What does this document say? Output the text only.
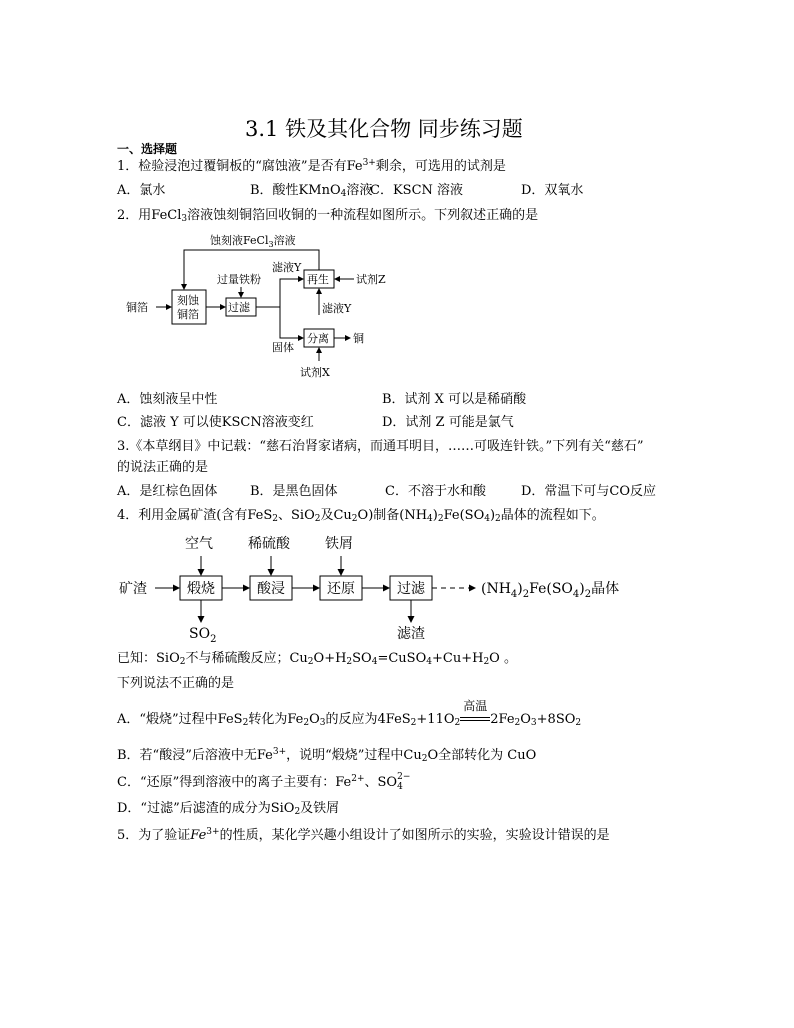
3.1 铁及其化合物 同步练习题
一、选择题
1．检验浸泡过覆铜板的“腐蚀液”是否有$Fe^{3+}$剩余，可选用的试剂是
A．氯水	B．酸性KMnO$_4$溶液
C．KSCN 溶液	D．双氧水
2．用FeCl$_3$溶液蚀刻铜箔回收铜的一种流程如图所示。下列叙述正确的是
蚀刻液FeCl$_3$溶液
铜箔
刻蚀
铜箔
过量铁粉
过滤
滤液Y
再生 试剂Z
滤液Y
固体
分离 铜
试剂X
A．蚀刻液呈中性	B．试剂 X 可以是稀硝酸
C．滤液 Y 可以使KSCN溶液变红	D．试剂 Z 可能是氯气
3.《本草纲目》中记载：“慈石治肾家诸病，而通耳明目，……可吸连针铁。”下列有关“慈石”
的说法正确的是
A．是红棕色固体	B．是黑色固体	C．不溶于水和酸	D．常温下可与CO反应
4．利用金属矿渣(含有FeS$_2$、SiO$_2$及$Cu_2O$)制备$(NH_4)_2Fe(SO_4)_2$晶体的流程如下。
矿渣
空气	稀硫酸	铁屑
煅烧	酸浸	还原	过滤	$(NH_4)_2Fe(SO_4)_2$晶体
$SO_2$	滤渣
已知：SiO$_2$不与稀硫酸反应；$Cu_2O+H_2SO_4=CuSO_4+Cu+H_2O$ 。
下列说法不正确的是
A．“煅烧”过程中FeS$_2$转化为$Fe_2O_3$的反应为$4FeS_2+11O_2$
高温
$2Fe_2O_3+8SO_2$
B．若“酸浸”后溶液中无$Fe^{3+}$，说明“煅烧”过程中$Cu_2O$全部转化为 CuO
C．“还原”得到溶液中的离子主要有：$Fe^{2+}$、SO 2−
4
D．“过滤”后滤渣的成分为SiO$_2$及铁屑
5．为了验证$Fe^{3+}$的性质，某化学兴趣小组设计了如图所示的实验，实验设计错误的是
